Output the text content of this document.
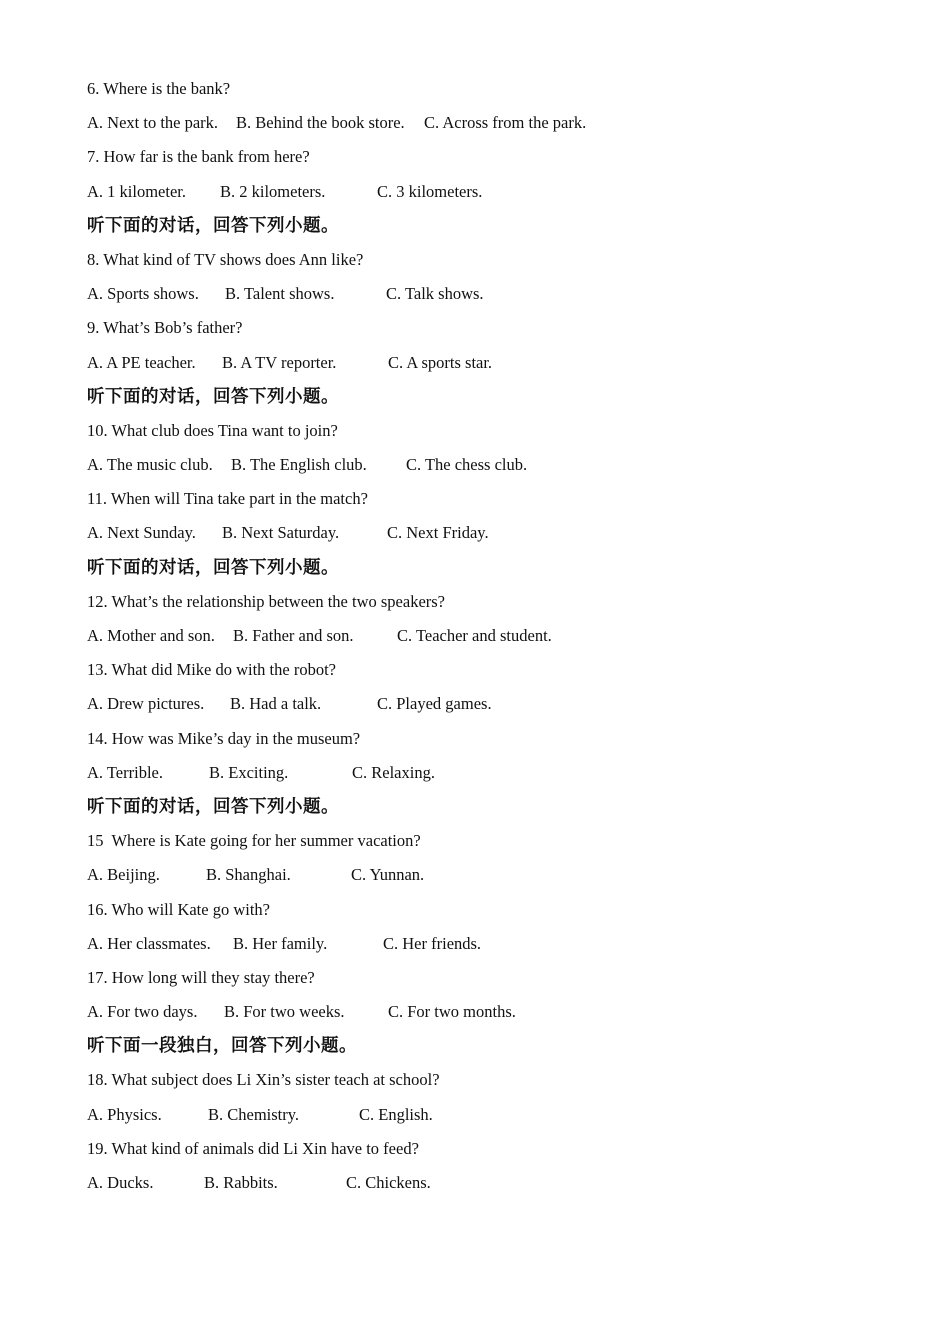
6. Where is the bank?
A. Next to the park. B. Behind the book store. C. Across from the park.
7. How far is the bank from here?
A. 1 kilometer. B. 2 kilometers.	C. 3 kilometers.
听下面的对话，回答下列小题。
8. What kind of TV shows does Ann like?
A. Sports shows. B. Talent shows.	C. Talk shows.
9. What’s Bob’s father?
A. A PE teacher. B. A TV reporter.	C. A sports star.
听下面的对话，回答下列小题。
10. What club does Tina want to join?
A. The music club. B. The English club. C. The chess club.
11. When will Tina take part in the match?
A. Next Sunday. B. Next Saturday.	C. Next Friday.
听下面的对话，回答下列小题。
12. What’s the relationship between the two speakers?
A. Mother and son. B. Father and son.	C. Teacher and student.
13. What did Mike do with the robot?
A. Drew pictures. B. Had a talk.	C. Played games.
14. How was Mike’s day in the museum?
A. Terrible.	B. Exciting.	C. Relaxing.
听下面的对话，回答下列小题。
15  Where is Kate going for her summer vacation?
A. Beijing.	B. Shanghai.	C. Yunnan.
16. Who will Kate go with?
A. Her classmates. B. Her family.	C. Her friends.
17. How long will they stay there?
A. For two days. B. For two weeks.	C. For two months.
听下面一段独白，回答下列小题。
18. What subject does Li Xin’s sister teach at school?
A. Physics.	B. Chemistry.	C. English.
19. What kind of animals did Li Xin have to feed?
A. Ducks.	B. Rabbits.	C. Chickens.
